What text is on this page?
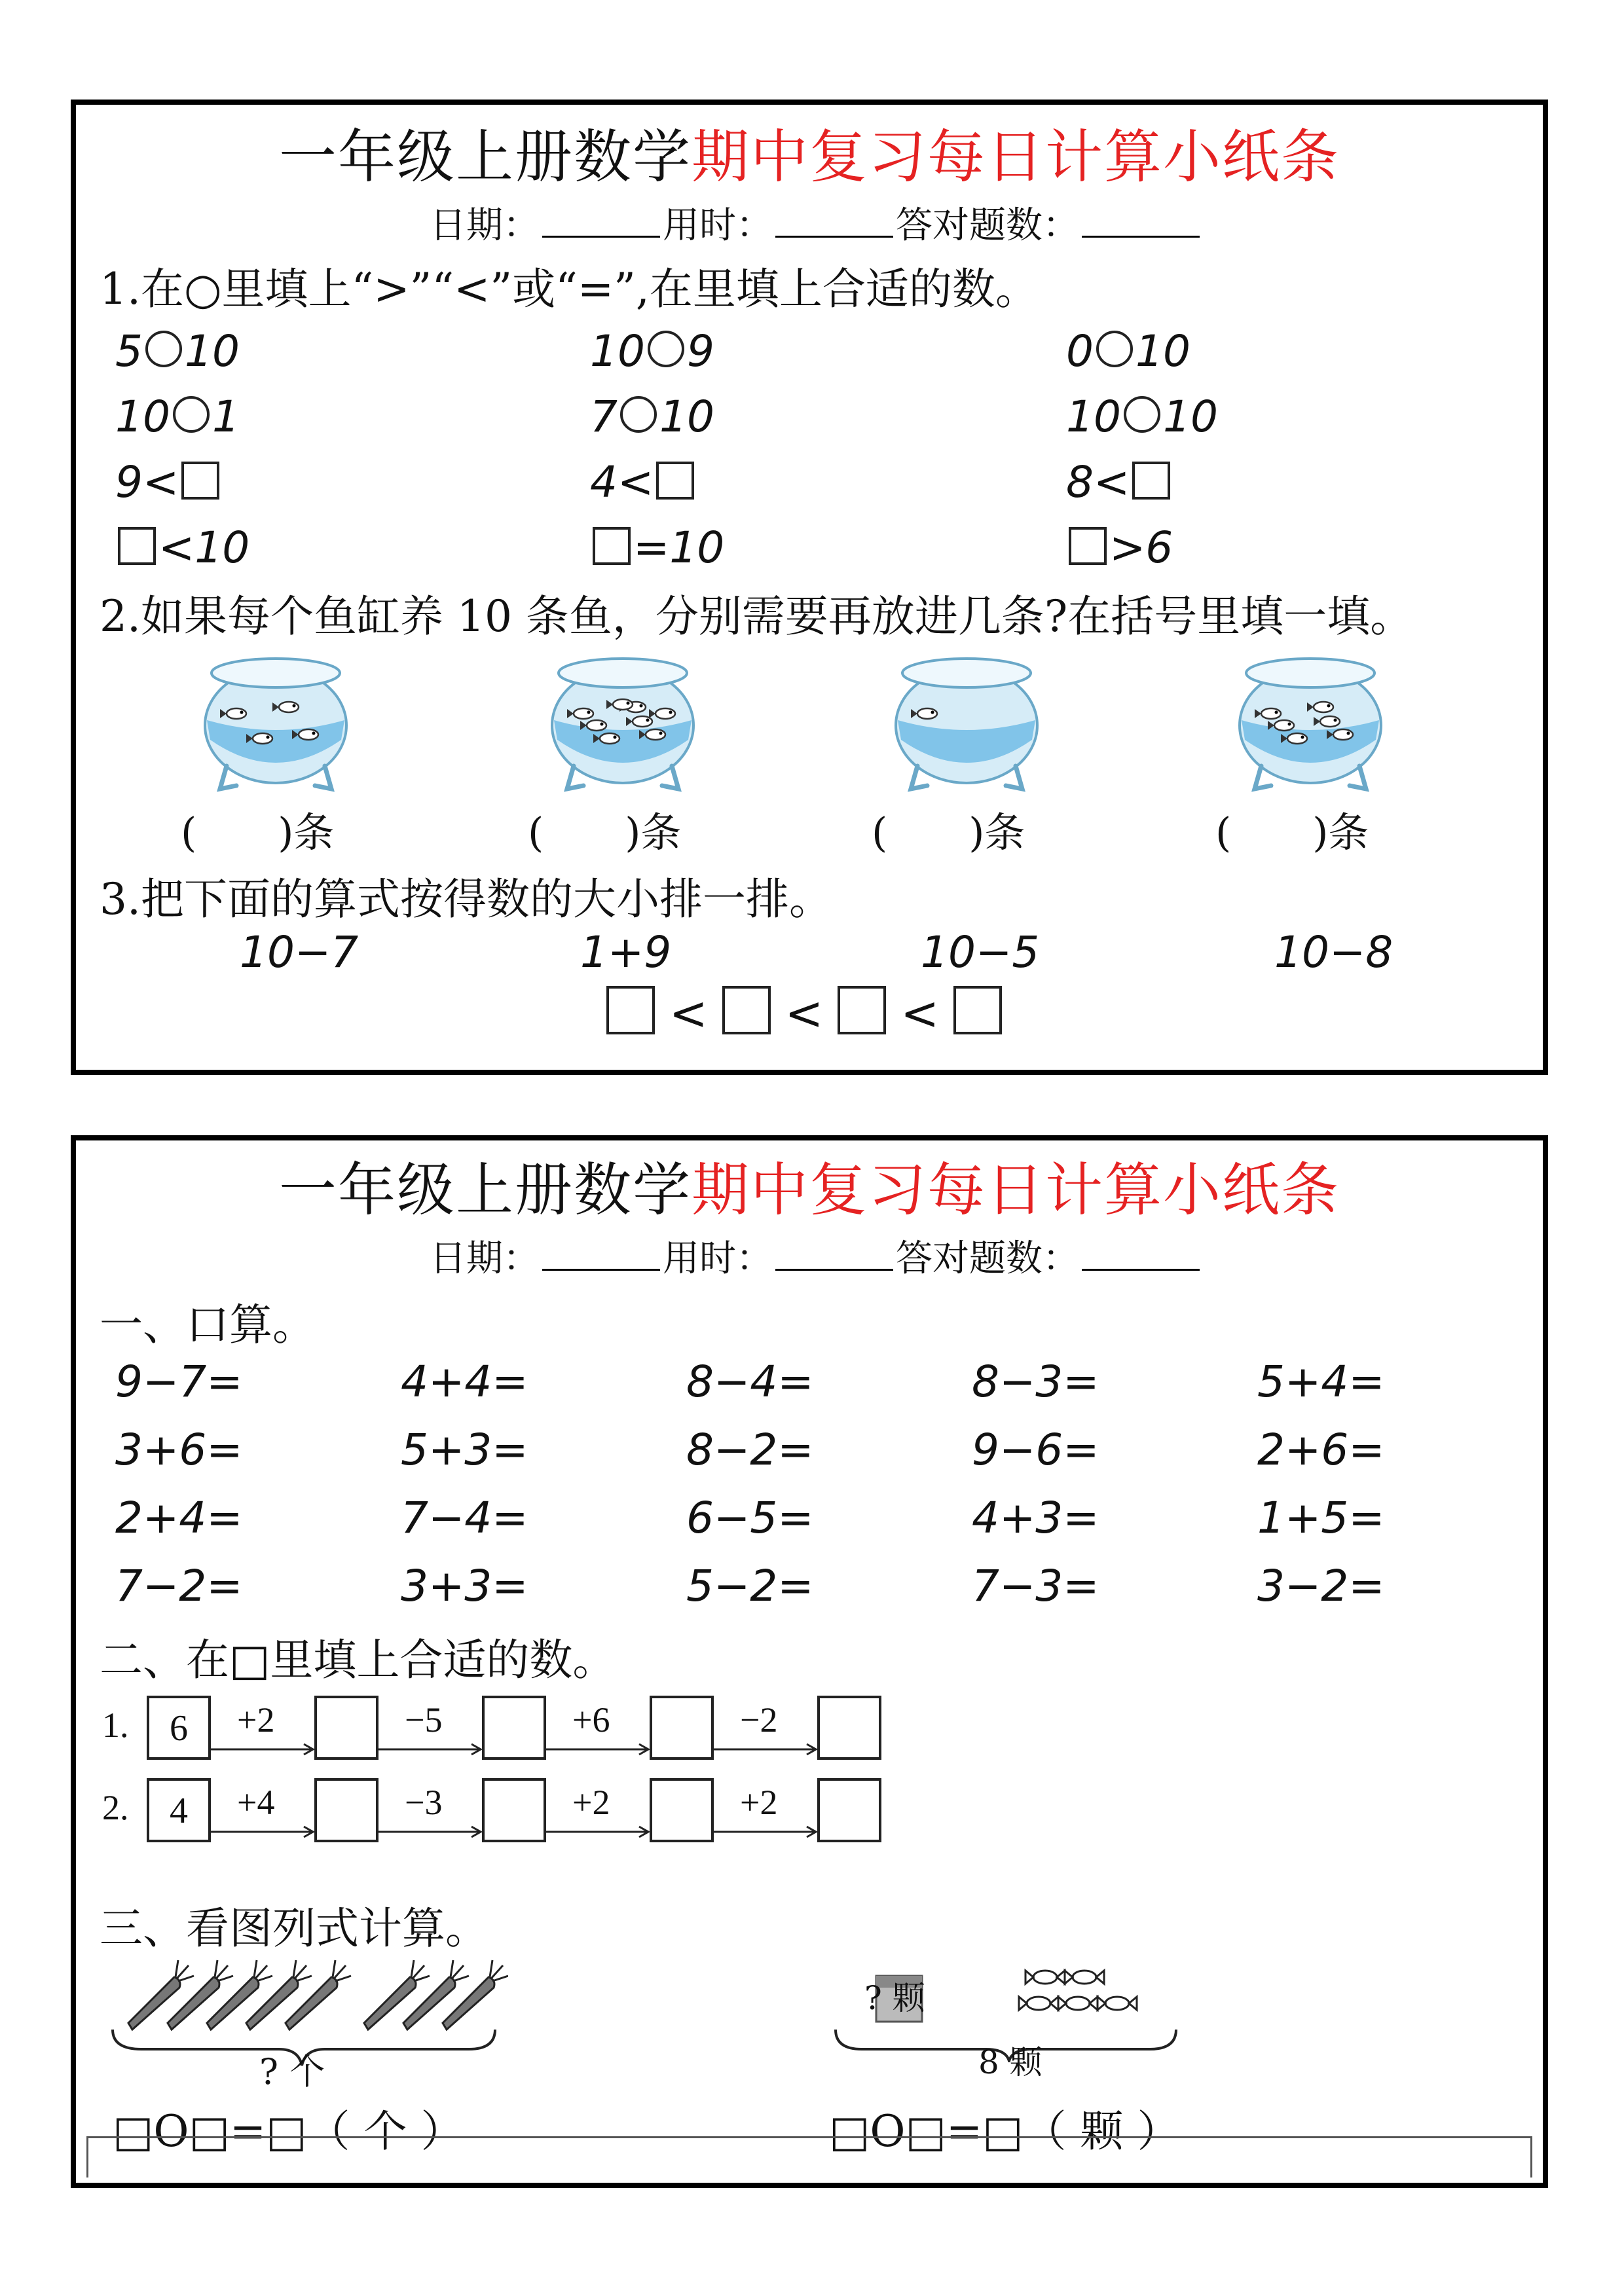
一年级上册数学期中复习每日计算小纸条
日期：	用时：	答对题数：
1.在○里填上“>”“<”或“=”,在里填上合适的数。
2.如果每个鱼缸养 10 条鱼，分别需要再放进几条?在括号里填一填。
3.把下面的算式按得数的大小排一排。
< < <
5 10	10 9	0 10
10 1	7 10	10 10
9<	4<	8<
<10	=10	>6
(　　)条	(　　)条	(　　)条	(　　)条
10−7	1+9	10−5	10−8
一年级上册数学期中复习每日计算小纸条
日期：	用时：	答对题数：
一、口算。
二、在□里填上合适的数。
三、看图列式计算。
? 个
□O□=□（ 个 ）
? 颗
8 颗
□O□=□（ 颗 ）
9−7=	4+4=	8−4=	8−3=	5+4=
3+6=	5+3=	8−2=	9−6=	2+6=
2+4=	7−4=	6−5=	4+3=	1+5=
7−2=	3+3=	5−2=	7−3=	3−2=
1.	6	+2	−5	+6	−2
2.	4	+4	−3	+2	+2
